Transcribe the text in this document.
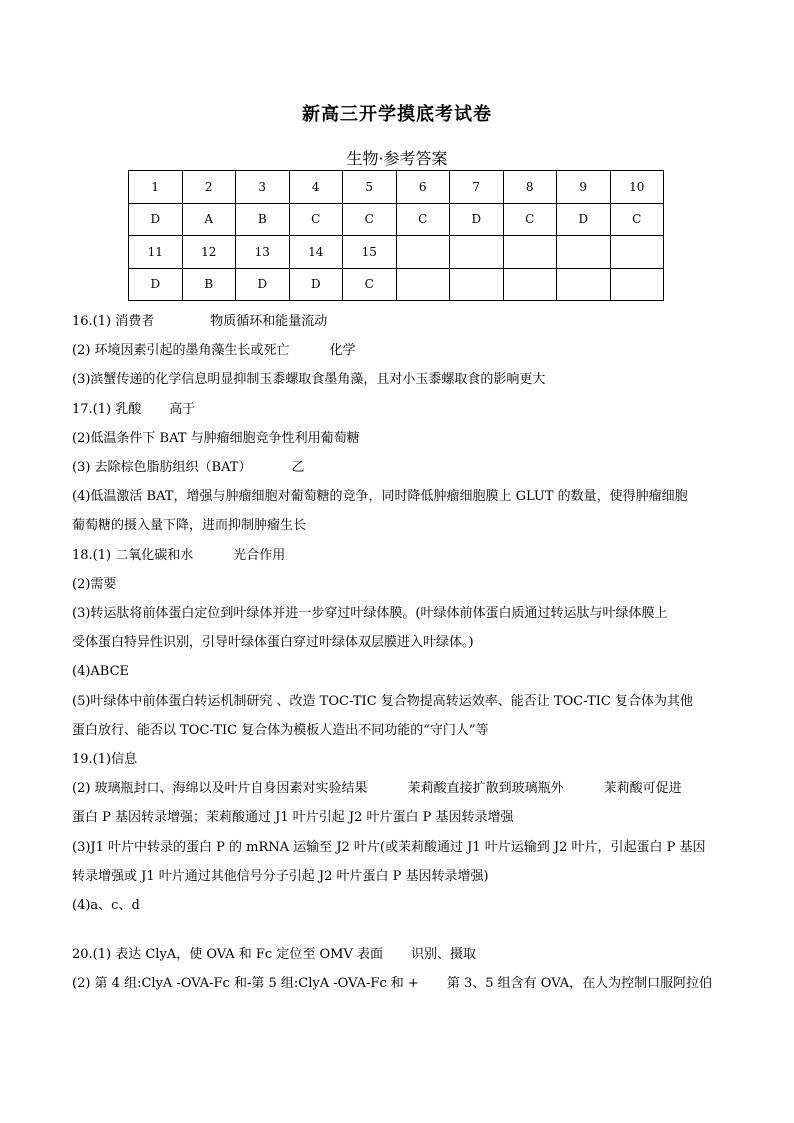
新高三开学摸底考试卷
生物·参考答案
1	2	3	4	5	6	7	8	9	10
D	A	B	C	C	C	D	C	D	C
11	12	13	14	15					
D	B	D	D	C					
16.(1) 消费者	物质循环和能量流动
(2) 环境因素引起的墨角藻生长或死亡	化学
(3)滨蟹传递的化学信息明显抑制玉黍螺取食墨角藻，且对小玉黍螺取食的影响更大
17.(1) 乳酸 高于
(2)低温条件下 BAT 与肿瘤细胞竞争性利用葡萄糖
(3) 去除棕色脂肪组织（BAT）	乙
(4)低温激活 BAT，增强与肿瘤细胞对葡萄糖的竞争，同时降低肿瘤细胞膜上 GLUT 的数量，使得肿瘤细胞
葡萄糖的摄入量下降，进而抑制肿瘤生长
18.(1) 二氧化碳和水	光合作用
(2)需要
(3)转运肽将前体蛋白定位到叶绿体并进一步穿过叶绿体膜。(叶绿体前体蛋白质通过转运肽与叶绿体膜上
受体蛋白特异性识别，引导叶绿体蛋白穿过叶绿体双层膜进入叶绿体。)
(4)ABCE
(5)叶绿体中前体蛋白转运机制研究 、改造 TOC-TIC 复合物提高转运效率、能否让 TOC-TIC 复合体为其他
蛋白放行、能否以 TOC-TIC 复合体为模板人造出不同功能的“守门人”等
19.(1)信息
(2) 玻璃瓶封口、海绵以及叶片自身因素对实验结果	茉莉酸直接扩散到玻璃瓶外	茉莉酸可促进
蛋白 P 基因转录增强；茉莉酸通过 J1 叶片引起 J2 叶片蛋白 P 基因转录增强
(3)J1 叶片中转录的蛋白 P 的 mRNA 运输至 J2 叶片(或茉莉酸通过 J1 叶片运输到 J2 叶片，引起蛋白 P 基因
转录增强或 J1 叶片通过其他信号分子引起 J2 叶片蛋白 P 基因转录增强)
(4)a、c、d
20.(1) 表达 ClyA，使 OVA 和 Fc 定位至 OMV 表面 识别、摄取
(2) 第 4 组:ClyA -OVA-Fc 和-第 5 组:ClyA -OVA-Fc 和 + 第 3、5 组含有 OVA，在人为控制口服阿拉伯
